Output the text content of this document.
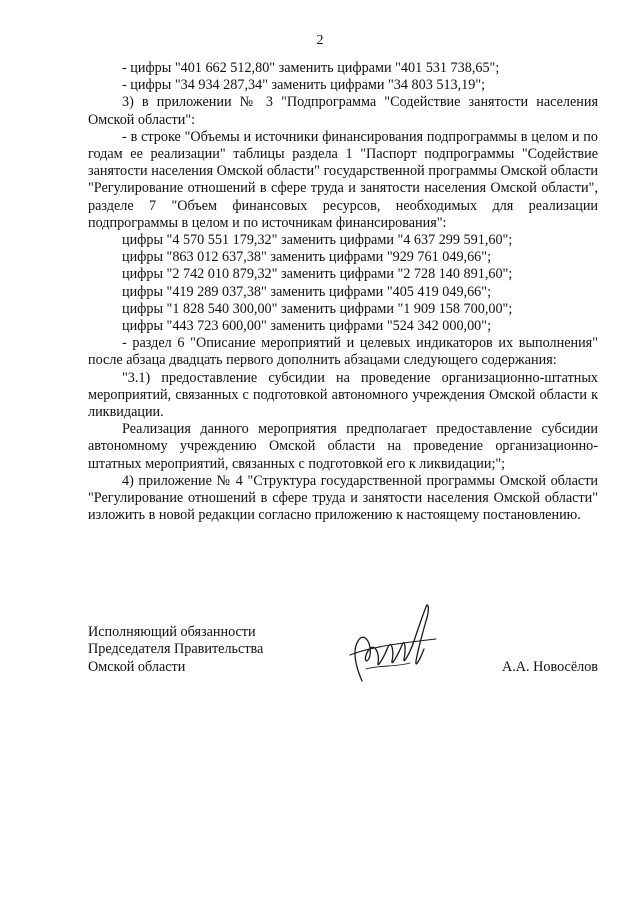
2

- цифры "401 662 512,80" заменить цифрами "401 531 738,65";

- цифры "34 934 287,34" заменить цифрами "34 803 513,19";

3) в приложении № 3 "Подпрограмма "Содействие занятости населения Омской области":

- в строке "Объемы и источники финансирования подпрограммы в целом и по годам ее реализации" таблицы раздела 1 "Паспорт подпрограммы "Содействие занятости населения Омской области" государственной программы Омской области "Регулирование отношений в сфере труда и занятости населения Омской области", разделе 7 "Объем финансовых ресурсов, необходимых для реализации подпрограммы в целом и по источникам финансирования":

цифры "4 570 551 179,32" заменить цифрами "4 637 299 591,60";

цифры "863 012 637,38" заменить цифрами "929 761 049,66";

цифры "2 742 010 879,32" заменить цифрами "2 728 140 891,60";

цифры "419 289 037,38" заменить цифрами "405 419 049,66";

цифры "1 828 540 300,00" заменить цифрами "1 909 158 700,00";

цифры "443 723 600,00" заменить цифрами "524 342 000,00";

- раздел 6 "Описание мероприятий и целевых индикаторов их выполнения" после абзаца двадцать первого дополнить абзацами следующего содержания:

"3.1) предоставление субсидии на проведение организационно-штатных мероприятий, связанных с подготовкой автономного учреждения Омской области к ликвидации.

Реализация данного мероприятия предполагает предоставление субсидии автономному учреждению Омской области на проведение организационно-штатных мероприятий, связанных с подготовкой его к ликвидации;";

4) приложение № 4 "Структура государственной программы Омской области "Регулирование отношений в сфере труда и занятости населения Омской области" изложить в новой редакции согласно приложению к настоящему постановлению.

Исполняющий обязанности
Председателя Правительства
Омской области	А.А. Новосёлов
